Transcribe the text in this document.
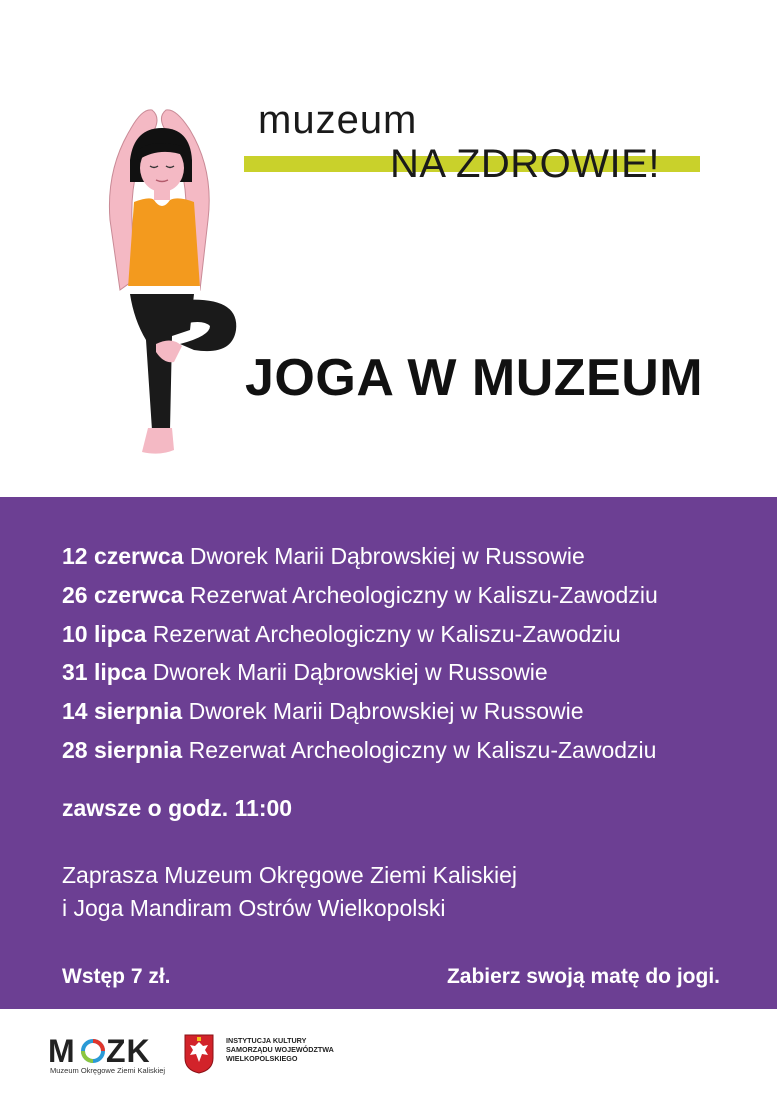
muzeum
NA ZDROWIE!
JOGA W MUZEUM
12 czerwca Dworek Marii Dąbrowskiej w Russowie
26 czerwca Rezerwat Archeologiczny w Kaliszu-Zawodziu
10 lipca Rezerwat Archeologiczny w Kaliszu-Zawodziu
31 lipca Dworek Marii Dąbrowskiej w Russowie
14 sierpnia Dworek Marii Dąbrowskiej w Russowie
28 sierpnia Rezerwat Archeologiczny w Kaliszu-Zawodziu
zawsze o godz. 11:00
Zaprasza Muzeum Okręgowe Ziemi Kaliskiej
i Joga Mandiram Ostrów Wielkopolski
Wstęp 7 zł.	Zabierz swoją matę do jogi.
M ZK
Muzeum Okręgowe Ziemi Kaliskiej
INSTYTUCJA KULTURY
SAMORZĄDU WOJEWÓDZTWA
WIELKOPOLSKIEGO
